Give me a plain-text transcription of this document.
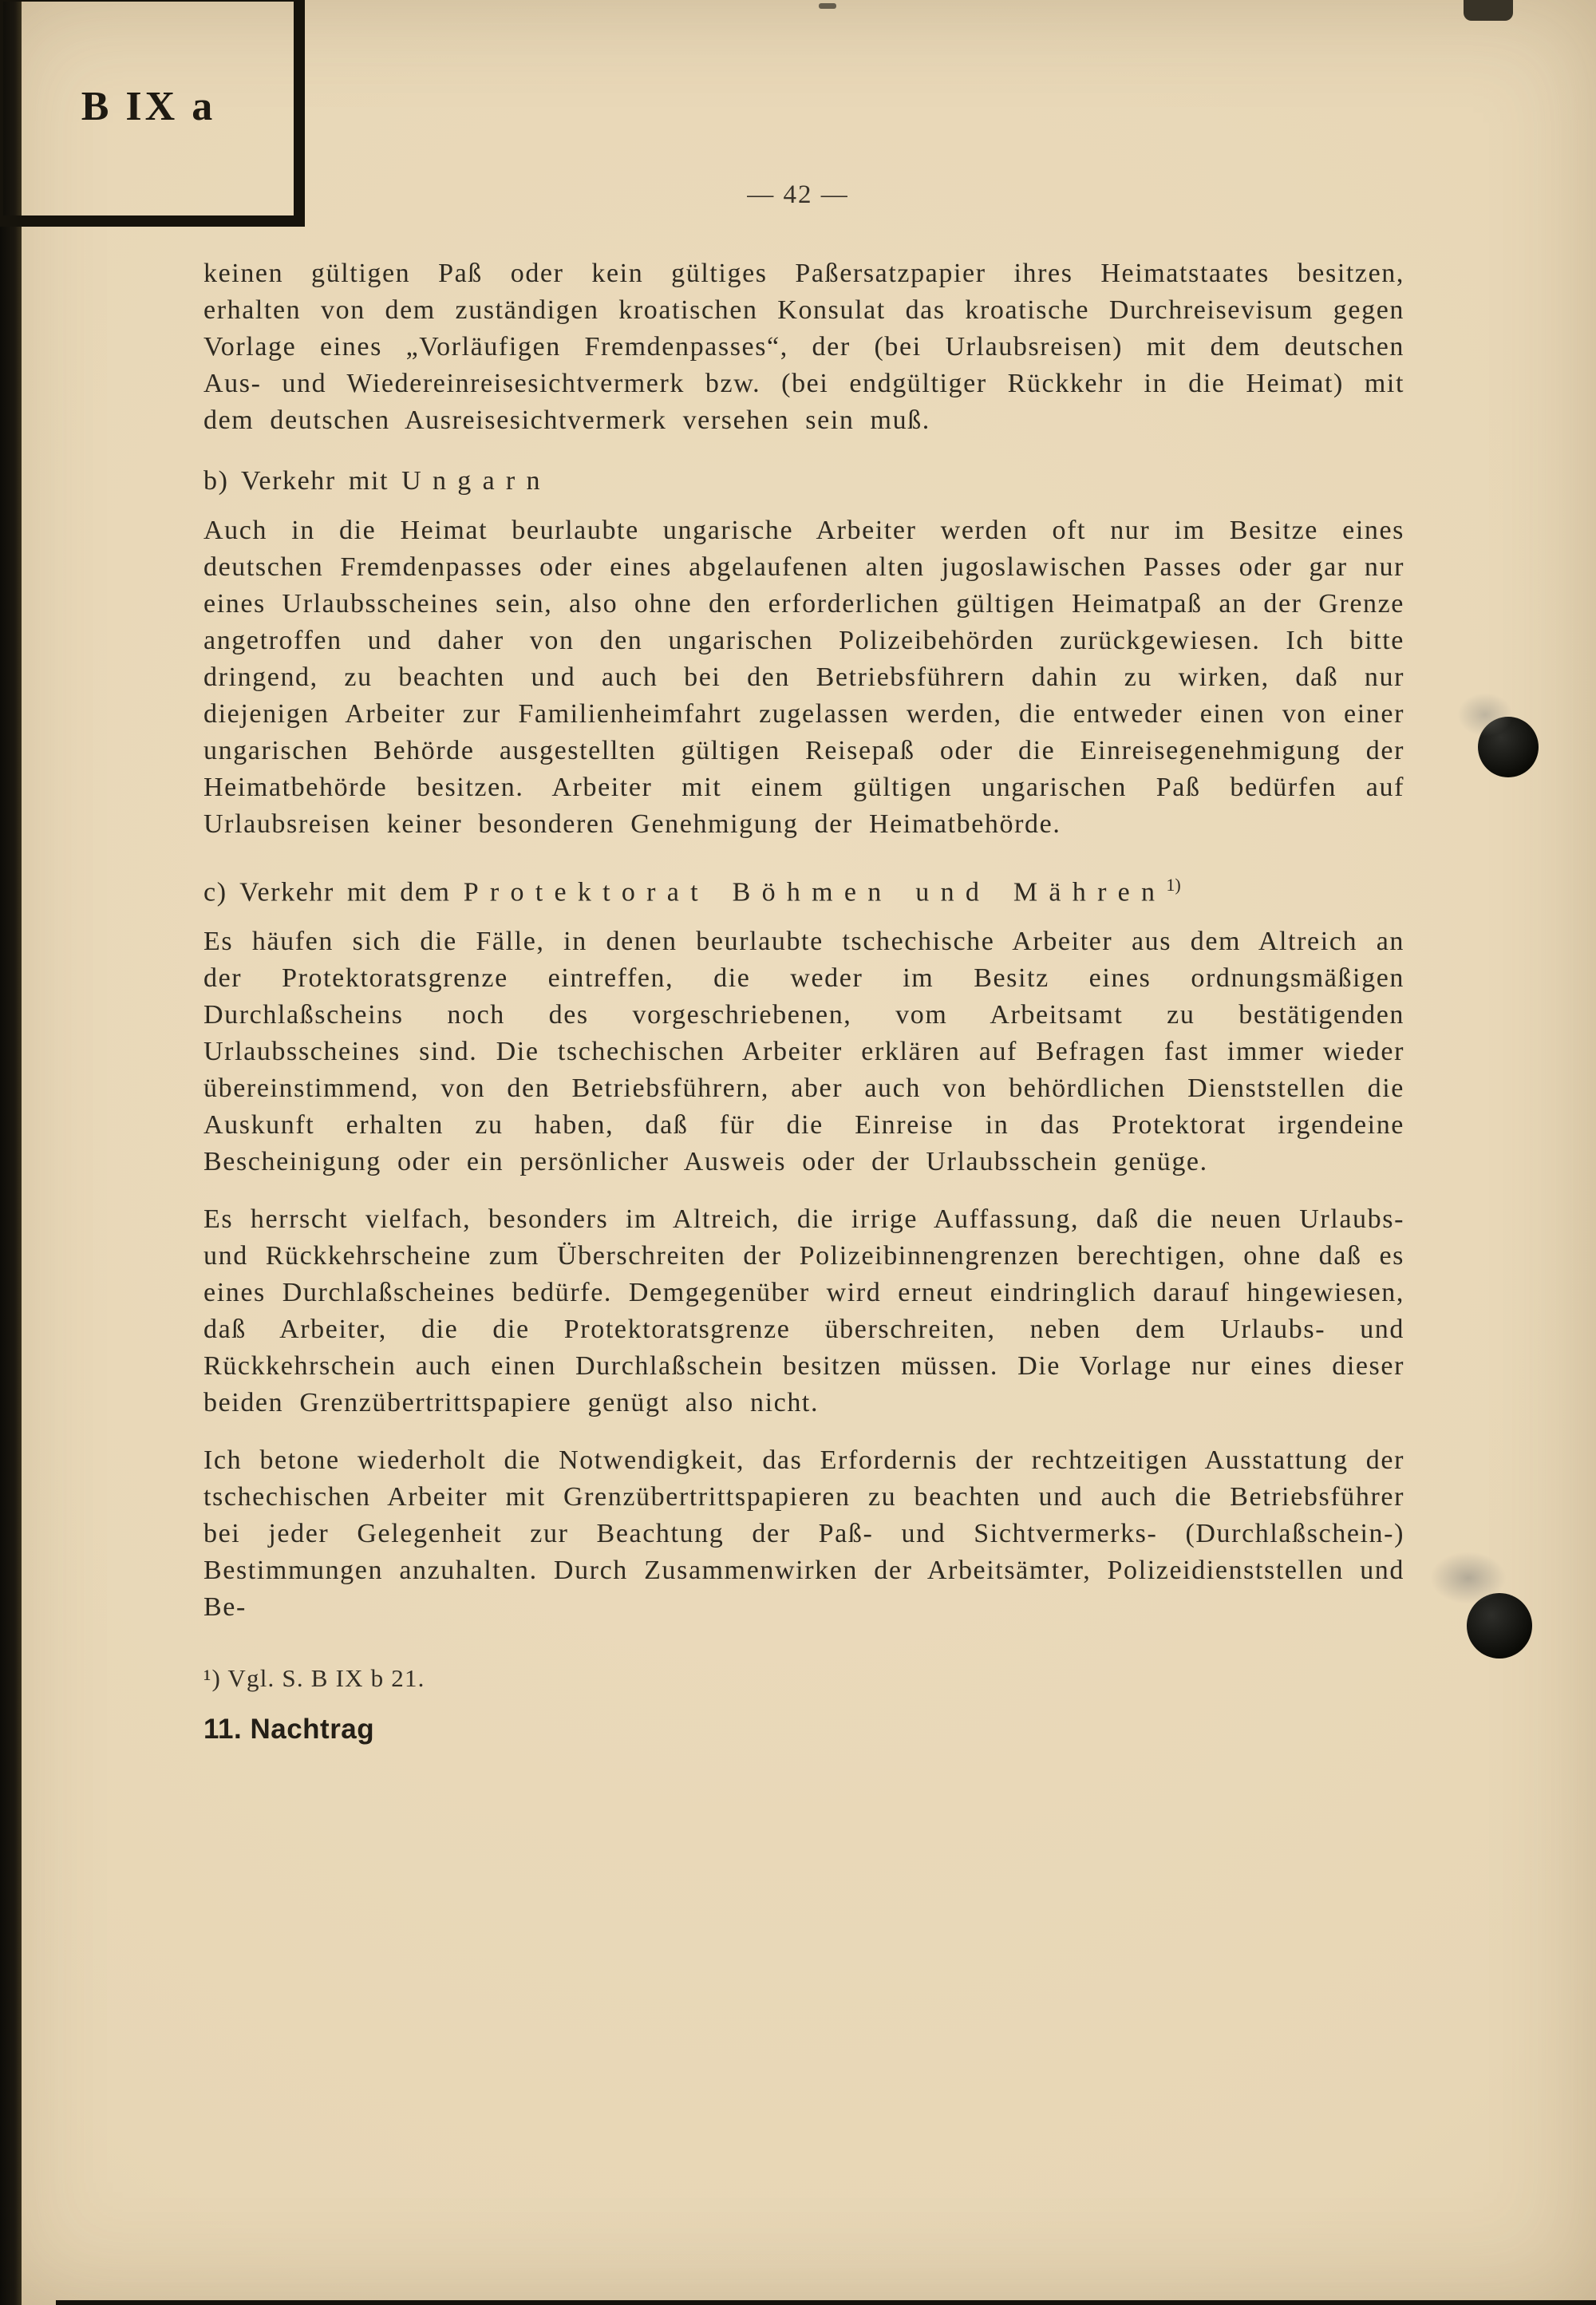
B IX a
— 42 —

keinen gültigen Paß oder kein gültiges Paßersatzpapier ihres Heimatstaates besitzen, erhalten von dem zuständigen kroatischen Konsulat das kroatische Durchreisevisum gegen Vorlage eines „Vorläufigen Fremdenpasses“, der (bei Urlaubsreisen) mit dem deutschen Aus- und Wiedereinreisesichtvermerk bzw. (bei endgültiger Rückkehr in die Heimat) mit dem deutschen Ausreisesichtvermerk versehen sein muß.

b) Verkehr mit Ungarn

Auch in die Heimat beurlaubte ungarische Arbeiter werden oft nur im Besitze eines deutschen Fremdenpasses oder eines abgelaufenen alten jugoslawischen Passes oder gar nur eines Urlaubsscheines sein, also ohne den erforderlichen gültigen Heimatpaß an der Grenze angetroffen und daher von den ungarischen Polizeibehörden zurückgewiesen. Ich bitte dringend, zu beachten und auch bei den Betriebsführern dahin zu wirken, daß nur diejenigen Arbeiter zur Familienheimfahrt zugelassen werden, die entweder einen von einer ungarischen Behörde ausgestellten gültigen Reisepaß oder die Einreisegenehmigung der Heimatbehörde besitzen. Arbeiter mit einem gültigen ungarischen Paß bedürfen auf Urlaubsreisen keiner besonderen Genehmigung der Heimatbehörde.

c) Verkehr mit dem Protektorat Böhmen und Mähren$^{1)}$

Es häufen sich die Fälle, in denen beurlaubte tschechische Arbeiter aus dem Altreich an der Protektoratsgrenze eintreffen, die weder im Besitz eines ordnungsmäßigen Durchlaßscheins noch des vorgeschriebenen, vom Arbeitsamt zu bestätigenden Urlaubsscheines sind. Die tschechischen Arbeiter erklären auf Befragen fast immer wieder übereinstimmend, von den Betriebsführern, aber auch von behördlichen Dienststellen die Auskunft erhalten zu haben, daß für die Einreise in das Protektorat irgendeine Bescheinigung oder ein persönlicher Ausweis oder der Urlaubsschein genüge.

Es herrscht vielfach, besonders im Altreich, die irrige Auffassung, daß die neuen Urlaubs- und Rückkehrscheine zum Überschreiten der Polizeibinnengrenzen berechtigen, ohne daß es eines Durchlaßscheines bedürfe. Demgegenüber wird erneut eindringlich darauf hingewiesen, daß Arbeiter, die die Protektoratsgrenze überschreiten, neben dem Urlaubs- und Rückkehrschein auch einen Durchlaßschein besitzen müssen. Die Vorlage nur eines dieser beiden Grenzübertrittspapiere genügt also nicht.

Ich betone wiederholt die Notwendigkeit, das Erfordernis der rechtzeitigen Ausstattung der tschechischen Arbeiter mit Grenzübertrittspapieren zu beachten und auch die Betriebsführer bei jeder Gelegenheit zur Beachtung der Paß- und Sichtvermerks- (Durchlaßschein-) Bestimmungen anzuhalten. Durch Zusammenwirken der Arbeitsämter, Polizeidienststellen und Be-

¹) Vgl. S. B IX b 21.

11. Nachtrag
